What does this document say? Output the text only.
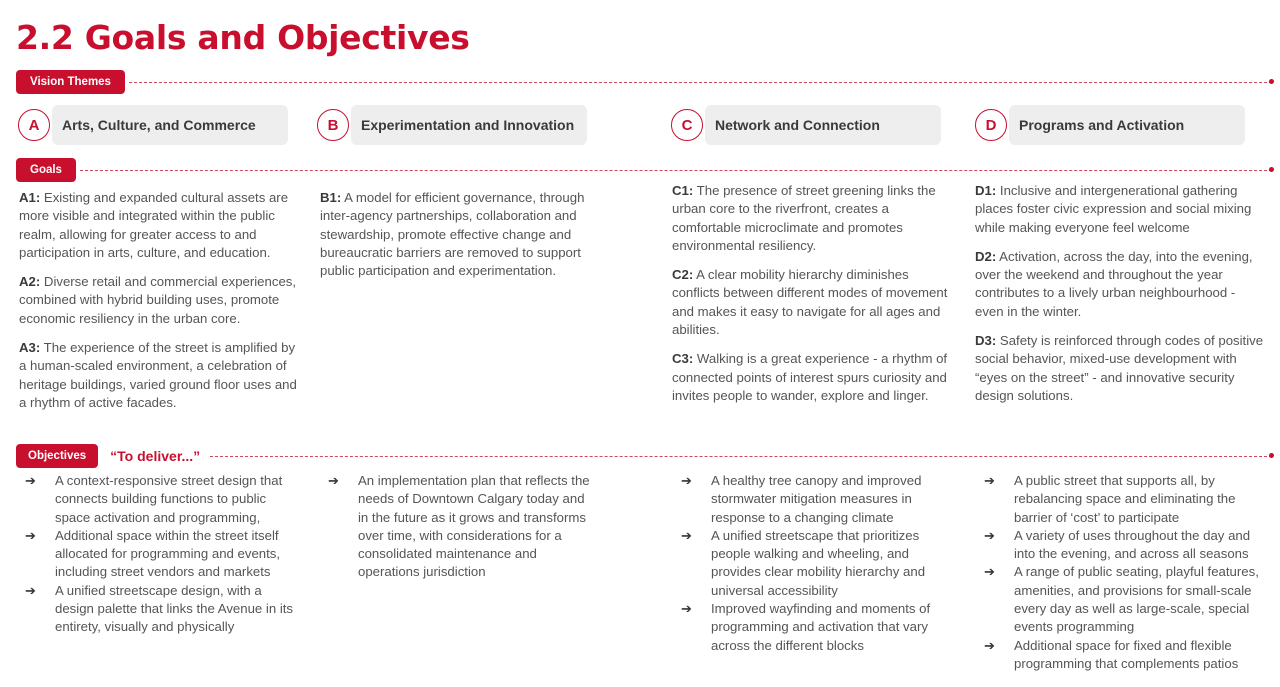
2.2 Goals and Objectives
Vision Themes
A	Arts, Culture, and Commerce	B	Experimentation and Innovation	C	Network and Connection	D	Programs and Activation
Goals

A1: Existing and expanded cultural assets are more visible and integrated within the public realm, allowing for greater access to and participation in arts, culture, and education.

A2: Diverse retail and commercial experiences, combined with hybrid building uses, promote economic resiliency in the urban core.

A3: The experience of the street is amplified by a human-scaled environment, a celebration of heritage buildings, varied ground floor uses and a rhythm of active facades.

B1: A model for efficient governance, through inter-agency partnerships, collaboration and stewardship, promote effective change and bureaucratic barriers are removed to support public participation and experimentation.

C1: The presence of street greening links the urban core to the riverfront, creates a comfortable microclimate and promotes environmental resiliency.

C2: A clear mobility hierarchy diminishes conflicts between different modes of movement and makes it easy to navigate for all ages and abilities.

C3: Walking is a great experience - a rhythm of connected points of interest spurs curiosity and invites people to wander, explore and linger.

D1: Inclusive and intergenerational gathering places foster civic expression and social mixing while making everyone feel welcome

D2: Activation, across the day, into the evening, over the weekend and throughout the year contributes to a lively urban neighbourhood - even in the winter.

D3: Safety is reinforced through codes of positive social behavior, mixed-use development with “eyes on the street” - and innovative security design solutions.

Objectives	“To deliver...”
➔	A context-responsive street design that connects building functions to public space activation and programming,
➔	Additional space within the street itself allocated for programming and events, including street vendors and markets
➔	A unified streetscape design, with a design palette that links the Avenue in its entirety, visually and physically
➔	An implementation plan that reflects the needs of Downtown Calgary today and in the future as it grows and transforms over time, with considerations for a consolidated maintenance and operations jurisdiction
➔	A healthy tree canopy and improved stormwater mitigation measures in response to a changing climate
➔	A unified streetscape that prioritizes people walking and wheeling, and provides clear mobility hierarchy and universal accessibility
➔	Improved wayfinding and moments of programming and activation that vary across the different blocks
➔	A public street that supports all, by rebalancing space and eliminating the barrier of ‘cost’ to participate
➔	A variety of uses throughout the day and into the evening, and across all seasons
➔	A range of public seating, playful features, amenities, and provisions for small-scale every day as well as large-scale, special events programming
➔	Additional space for fixed and flexible programming that complements patios
